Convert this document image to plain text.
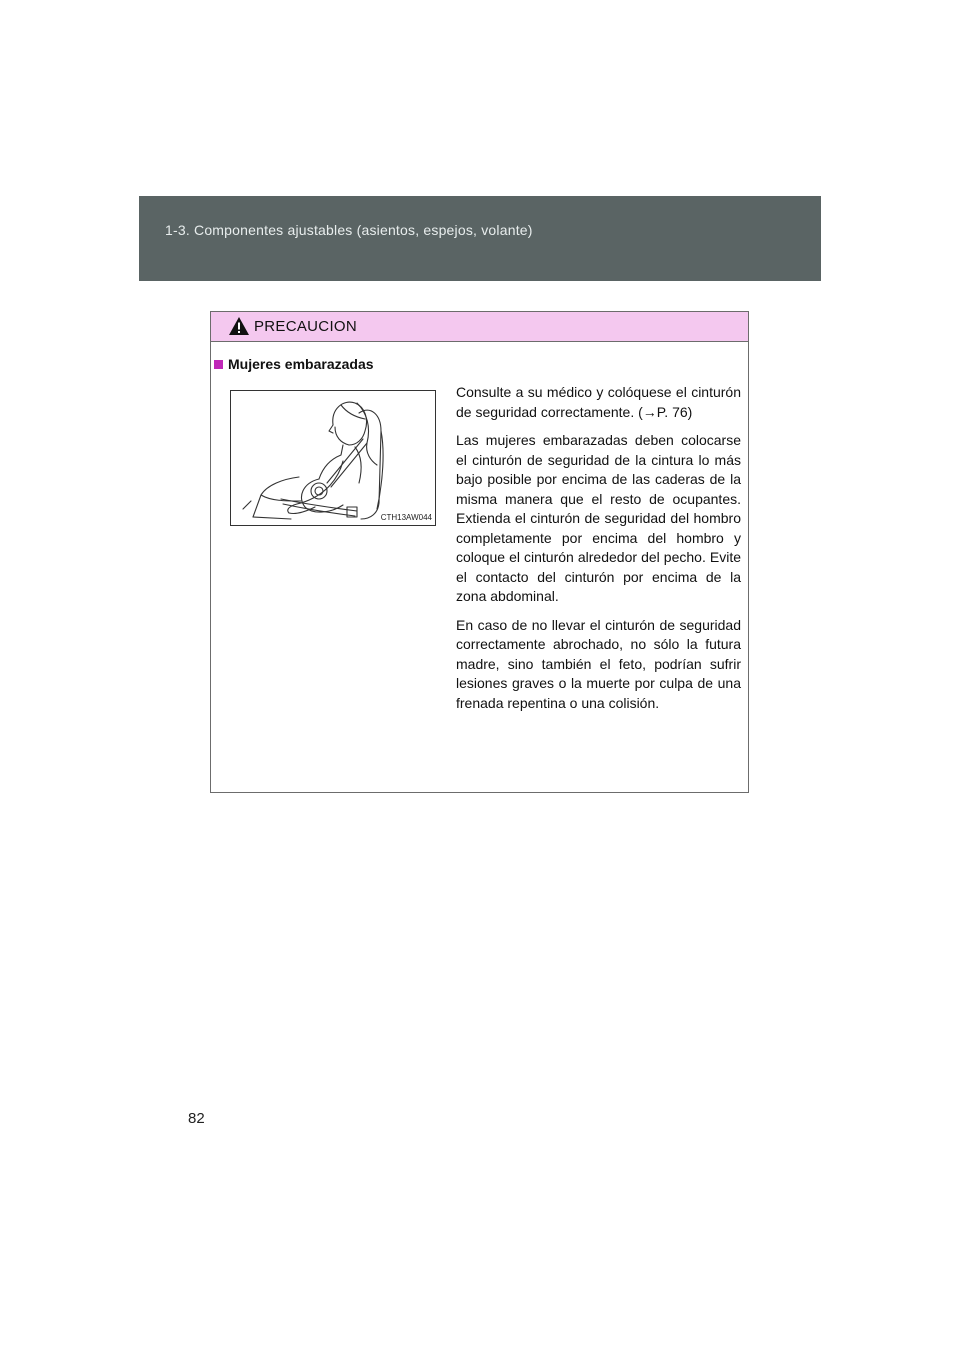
1-3. Componentes ajustables (asientos, espejos, volante)
PRECAUCION
Mujeres embarazadas
CTH13AW044

Consulte a su médico y colóquese el cinturón de seguridad correctamente. (→P. 76)

Las mujeres embarazadas deben colocarse el cinturón de seguridad de la cintura lo más bajo posible por encima de las caderas de la misma manera que el resto de ocupantes. Extienda el cinturón de seguridad del hombro completamente por encima del hombro y coloque el cinturón alrededor del pecho. Evite el contacto del cinturón por encima de la zona abdominal.

En caso de no llevar el cinturón de seguridad correctamente abrochado, no sólo la futura madre, sino también el feto, podrían sufrir lesiones graves o la muerte por culpa de una frenada repentina o una colisión.

82
